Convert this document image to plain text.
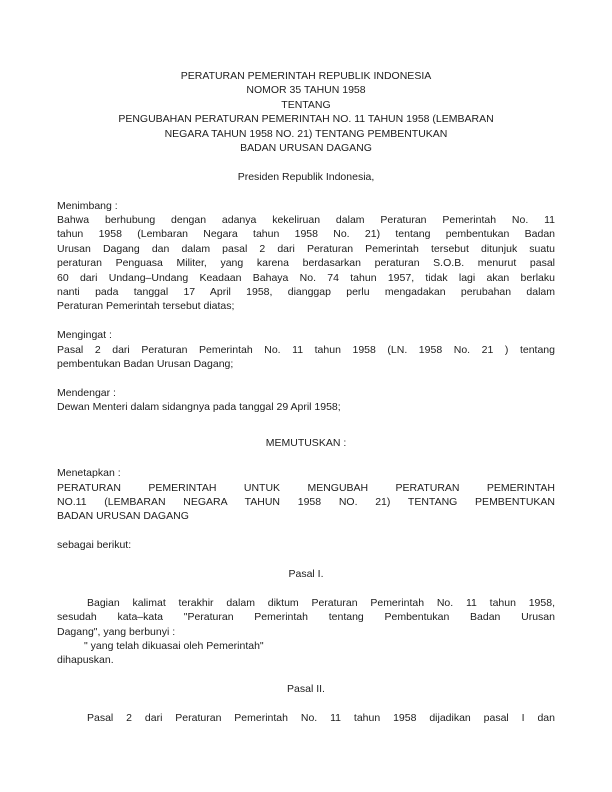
PERATURAN PEMERINTAH REPUBLIK INDONESIA
NOMOR 35 TAHUN 1958
TENTANG
PENGUBAHAN PERATURAN PEMERINTAH NO. 11 TAHUN 1958 (LEMBARAN
NEGARA TAHUN 1958 NO. 21) TENTANG PEMBENTUKAN
BADAN URUSAN DAGANG
Presiden Republik Indonesia,
Menimbang :
Bahwa berhubung dengan adanya kekeliruan dalam Peraturan Pemerintah No. 11
tahun 1958 (Lembaran Negara tahun 1958 No. 21) tentang pembentukan Badan
Urusan Dagang dan dalam pasal 2 dari Peraturan Pemerintah tersebut ditunjuk suatu
peraturan Penguasa Militer, yang karena berdasarkan peraturan S.O.B. menurut pasal
60 dari Undang–Undang Keadaan Bahaya No. 74 tahun 1957, tidak lagi akan berlaku
nanti pada tanggal 17 April 1958, dianggap perlu mengadakan perubahan dalam
Peraturan Pemerintah tersebut diatas;
Mengingat :
Pasal 2 dari Peraturan Pemerintah No. 11 tahun 1958 (LN. 1958 No. 21 ) tentang
pembentukan Badan Urusan Dagang;
Mendengar :
Dewan Menteri dalam sidangnya pada tanggal 29 April 1958;
MEMUTUSKAN :
Menetapkan :
PERATURAN PEMERINTAH UNTUK MENGUBAH PERATURAN PEMERINTAH
NO.11 (LEMBARAN NEGARA TAHUN 1958 NO. 21) TENTANG PEMBENTUKAN
BADAN URUSAN DAGANG
sebagai berikut:
Pasal I.
Bagian kalimat terakhir dalam diktum Peraturan Pemerintah No. 11 tahun 1958,
sesudah kata–kata "Peraturan Pemerintah tentang Pembentukan Badan Urusan
Dagang", yang berbunyi :
" yang telah dikuasai oleh Pemerintah"
dihapuskan.
Pasal II.
Pasal 2 dari Peraturan Pemerintah No. 11 tahun 1958 dijadikan pasal I dan
